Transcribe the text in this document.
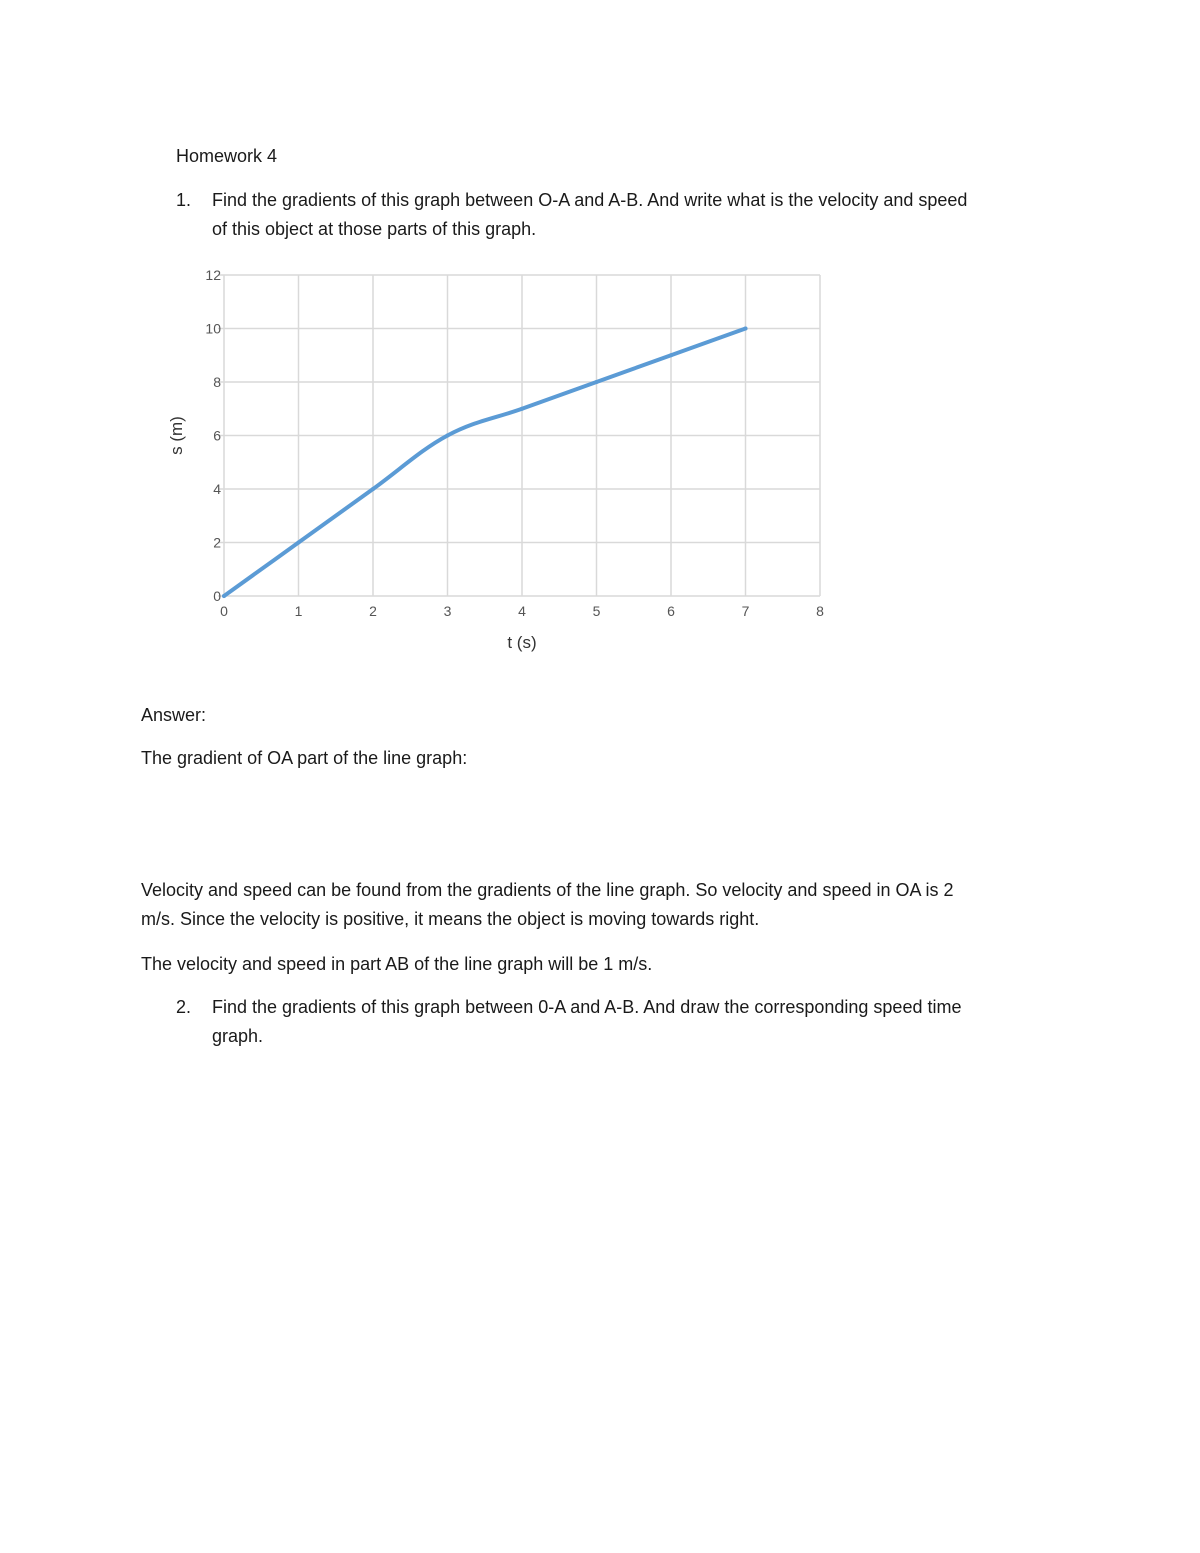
Homework 4
1. Find the gradients of this graph between O-A and A-B. And write what is the velocity and speed
of this object at those parts of this graph.
0
2
4
6
8
10
12
0	1	2	3	4	5	6	7	8
t (s)
s (m)
Answer:
The gradient of OA part of the line graph:
Velocity and speed can be found from the gradients of the line graph. So velocity and speed in OA is 2
m/s. Since the velocity is positive, it means the object is moving towards right.
The velocity and speed in part AB of the line graph will be 1 m/s.
2. Find the gradients of this graph between 0-A and A-B. And draw the corresponding speed time
graph.
